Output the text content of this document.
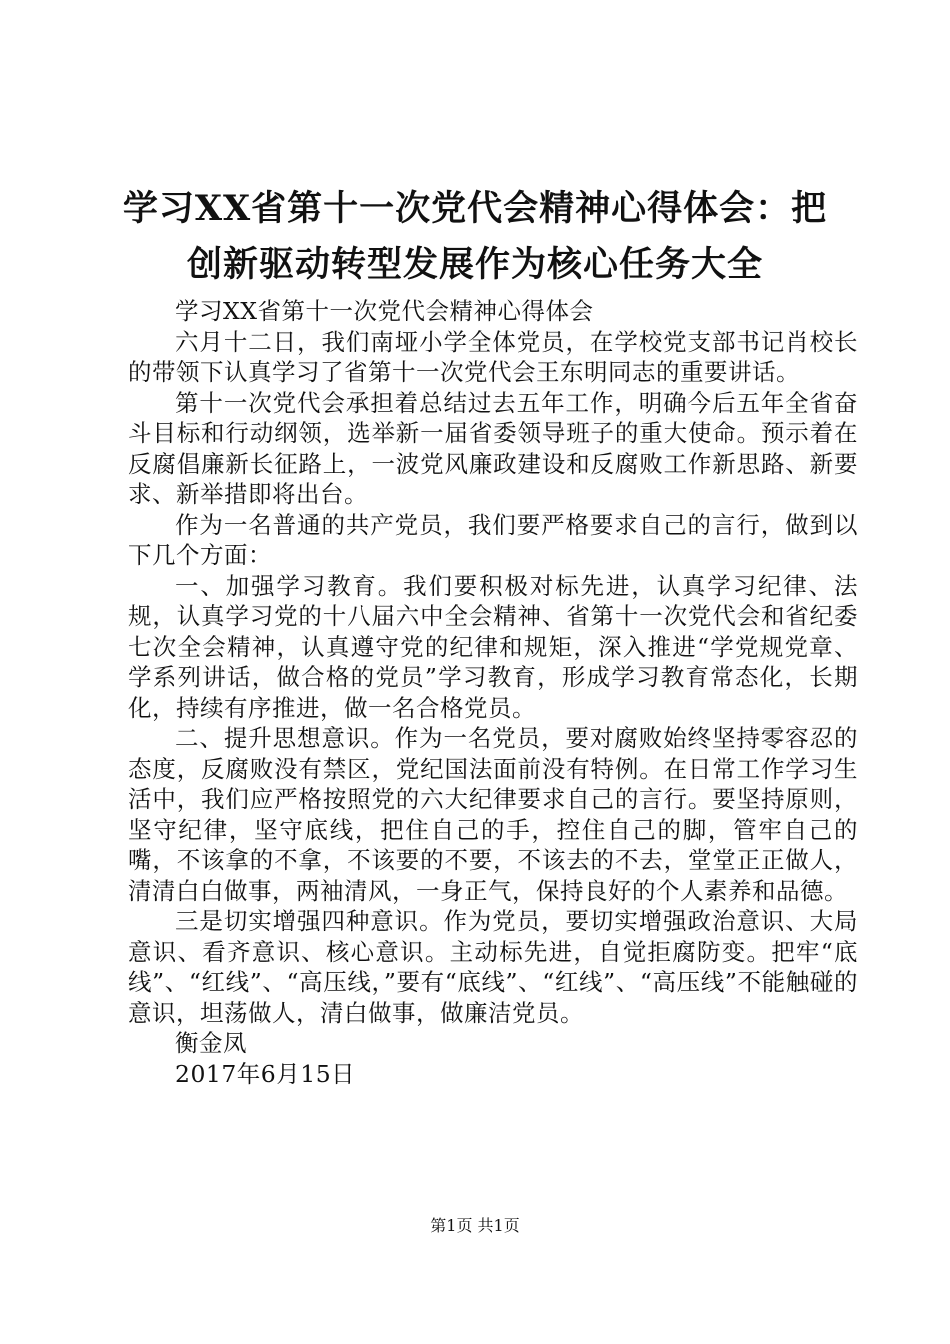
学习XX省第十一次党代会精神心得体会：把
创新驱动转型发展作为核心任务大全

学习XX省第十一次党代会精神心得体会

六月十二日，我们南垭小学全体党员，在学校党支部书记肖校长的带领下认真学习了省第十一次党代会王东明同志的重要讲话。

第十一次党代会承担着总结过去五年工作，明确今后五年全省奋斗目标和行动纲领，选举新一届省委领导班子的重大使命。预示着在反腐倡廉新长征路上，一波党风廉政建设和反腐败工作新思路、新要求、新举措即将出台。

作为一名普通的共产党员，我们要严格要求自己的言行，做到以下几个方面：

一、加强学习教育。我们要积极对标先进，认真学习纪律、法规，认真学习党的十八届六中全会精神、省第十一次党代会和省纪委七次全会精神，认真遵守党的纪律和规矩，深入推进“学党规党章、学系列讲话，做合格的党员”学习教育，形成学习教育常态化，长期化，持续有序推进，做一名合格党员。

二、提升思想意识。作为一名党员，要对腐败始终坚持零容忍的态度，反腐败没有禁区，党纪国法面前没有特例。在日常工作学习生活中，我们应严格按照党的六大纪律要求自己的言行。要坚持原则，坚守纪律，坚守底线，把住自己的手，控住自己的脚，管牢自己的嘴，不该拿的不拿，不该要的不要，不该去的不去，堂堂正正做人，清清白白做事，两袖清风，一身正气，保持良好的个人素养和品德。

三是切实增强四种意识。作为党员，要切实增强政治意识、大局意识、看齐意识、核心意识。主动标先进，自觉拒腐防变。把牢“底线”、“红线”、“高压线，”要有“底线”、“红线”、“高压线”不能触碰的意识，坦荡做人，清白做事，做廉洁党员。

衡金凤

2017年6月15日

第1页 共1页
